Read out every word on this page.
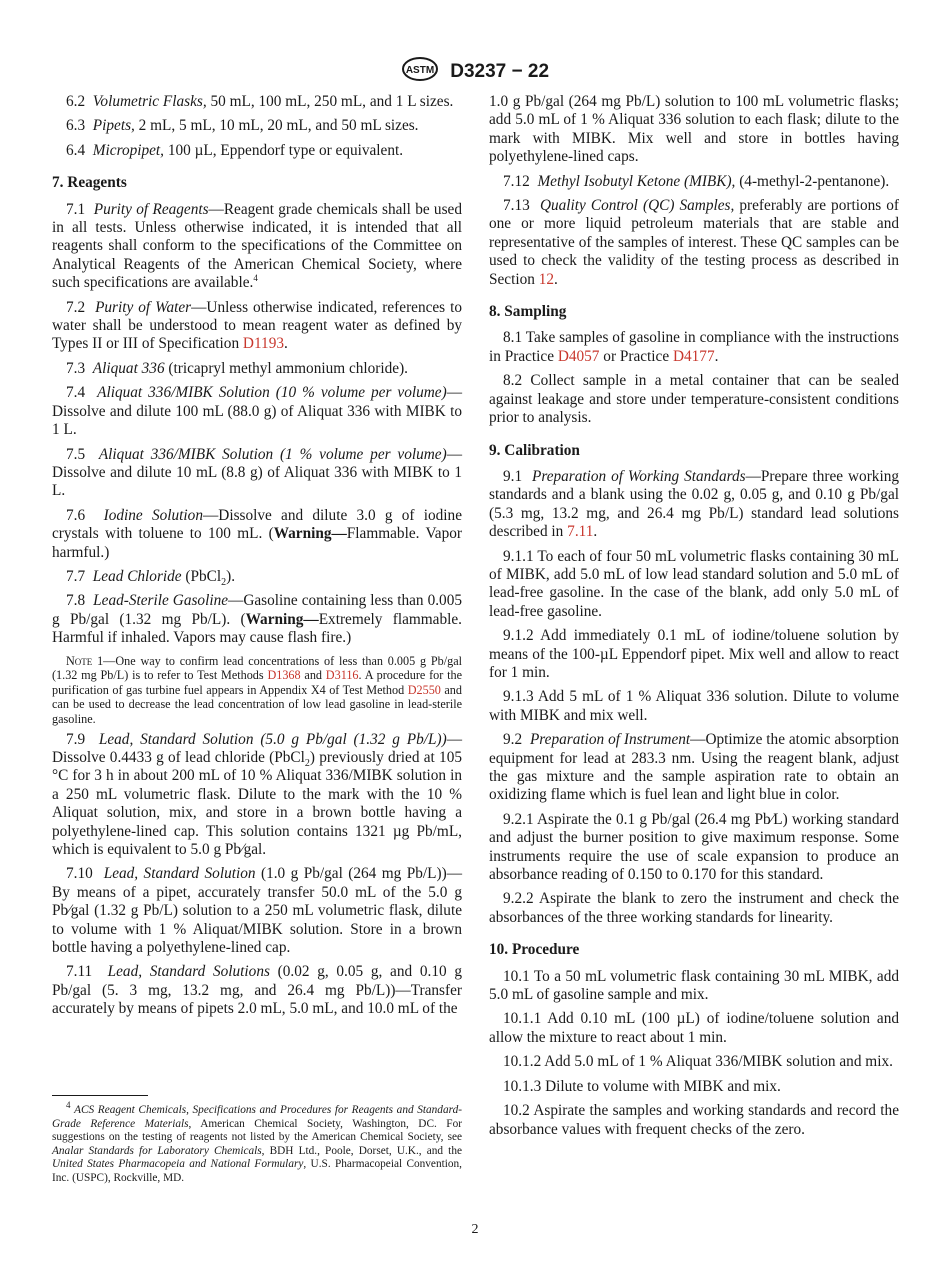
ASTM D3237 − 22

6.2 Volumetric Flasks, 50 mL, 100 mL, 250 mL, and 1 L sizes.

6.3 Pipets, 2 mL, 5 mL, 10 mL, 20 mL, and 50 mL sizes.

6.4 Micropipet, 100 µL, Eppendorf type or equivalent.

7. Reagents

7.1 Purity of Reagents—Reagent grade chemicals shall be used in all tests. Unless otherwise indicated, it is intended that all reagents shall conform to the specifications of the Committee on Analytical Reagents of the American Chemical Society, where such specifications are available.$^4$

7.2 Purity of Water—Unless otherwise indicated, references to water shall be understood to mean reagent water as defined by Types II or III of Specification D1193.

7.3 Aliquat 336 (tricapryl methyl ammonium chloride).

7.4 Aliquat 336/MIBK Solution (10 % volume per volume)—Dissolve and dilute 100 mL (88.0 g) of Aliquat 336 with MIBK to 1 L.

7.5 Aliquat 336/MIBK Solution (1 % volume per volume)—Dissolve and dilute 10 mL (8.8 g) of Aliquat 336 with MIBK to 1 L.

7.6 Iodine Solution—Dissolve and dilute 3.0 g of iodine crystals with toluene to 100 mL. (Warning—Flammable. Vapor harmful.)

7.7 Lead Chloride (PbCl$_2$).

7.8 Lead-Sterile Gasoline—Gasoline containing less than 0.005 g Pb/gal (1.32 mg Pb/L). (Warning—Extremely flammable. Harmful if inhaled. Vapors may cause flash fire.)

Note 1—One way to confirm lead concentrations of less than 0.005 g Pb/gal (1.32 mg Pb/L) is to refer to Test Methods D1368 and D3116. A procedure for the purification of gas turbine fuel appears in Appendix X4 of Test Method D2550 and can be used to decrease the lead concentration of low lead gasoline in lead-sterile gasoline.

7.9 Lead, Standard Solution (5.0 g Pb/gal (1.32 g Pb/L))—Dissolve 0.4433 g of lead chloride (PbCl$_2$) previously dried at 105 °C for 3 h in about 200 mL of 10 % Aliquat 336/MIBK solution in a 250 mL volumetric flask. Dilute to the mark with the 10 % Aliquat solution, mix, and store in a brown bottle having a polyethylene-lined cap. This solution contains 1321 µg Pb/mL, which is equivalent to 5.0 g Pb⁄gal.

7.10 Lead, Standard Solution (1.0 g Pb/gal (264 mg Pb/L))—By means of a pipet, accurately transfer 50.0 mL of the 5.0 g Pb⁄gal (1.32 g Pb/L) solution to a 250 mL volumetric flask, dilute to volume with 1 % Aliquat/MIBK solution. Store in a brown bottle having a polyethylene-lined cap.

7.11 Lead, Standard Solutions (0.02 g, 0.05 g, and 0.10 g Pb/gal (5. 3 mg, 13.2 mg, and 26.4 mg Pb/L))—Transfer accurately by means of pipets 2.0 mL, 5.0 mL, and 10.0 mL of the

$^4$ ACS Reagent Chemicals, Specifications and Procedures for Reagents and Standard-Grade Reference Materials, American Chemical Society, Washington, DC. For suggestions on the testing of reagents not listed by the American Chemical Society, see Analar Standards for Laboratory Chemicals, BDH Ltd., Poole, Dorset, U.K., and the United States Pharmacopeia and National Formulary, U.S. Pharmacopeial Convention, Inc. (USPC), Rockville, MD.

1.0 g Pb/gal (264 mg Pb/L) solution to 100 mL volumetric flasks; add 5.0 mL of 1 % Aliquat 336 solution to each flask; dilute to the mark with MIBK. Mix well and store in bottles having polyethylene-lined caps.

7.12 Methyl Isobutyl Ketone (MIBK), (4-methyl-2-pentanone).

7.13 Quality Control (QC) Samples, preferably are portions of one or more liquid petroleum materials that are stable and representative of the samples of interest. These QC samples can be used to check the validity of the testing process as described in Section 12.

8. Sampling

8.1 Take samples of gasoline in compliance with the instructions in Practice D4057 or Practice D4177.

8.2 Collect sample in a metal container that can be sealed against leakage and store under temperature-consistent conditions prior to analysis.

9. Calibration

9.1 Preparation of Working Standards—Prepare three working standards and a blank using the 0.02 g, 0.05 g, and 0.10 g Pb/gal (5.3 mg, 13.2 mg, and 26.4 mg Pb/L) standard lead solutions described in 7.11.

9.1.1 To each of four 50 mL volumetric flasks containing 30 mL of MIBK, add 5.0 mL of low lead standard solution and 5.0 mL of lead-free gasoline. In the case of the blank, add only 5.0 mL of lead-free gasoline.

9.1.2 Add immediately 0.1 mL of iodine/toluene solution by means of the 100-µL Eppendorf pipet. Mix well and allow to react for 1 min.

9.1.3 Add 5 mL of 1 % Aliquat 336 solution. Dilute to volume with MIBK and mix well.

9.2 Preparation of Instrument—Optimize the atomic absorption equipment for lead at 283.3 nm. Using the reagent blank, adjust the gas mixture and the sample aspiration rate to obtain an oxidizing flame which is fuel lean and light blue in color.

9.2.1 Aspirate the 0.1 g Pb/gal (26.4 mg Pb⁄L) working standard and adjust the burner position to give maximum response. Some instruments require the use of scale expansion to produce an absorbance reading of 0.150 to 0.170 for this standard.

9.2.2 Aspirate the blank to zero the instrument and check the absorbances of the three working standards for linearity.

10. Procedure

10.1 To a 50 mL volumetric flask containing 30 mL MIBK, add 5.0 mL of gasoline sample and mix.

10.1.1 Add 0.10 mL (100 µL) of iodine/toluene solution and allow the mixture to react about 1 min.

10.1.2 Add 5.0 mL of 1 % Aliquat 336/MIBK solution and mix.

10.1.3 Dilute to volume with MIBK and mix.

10.2 Aspirate the samples and working standards and record the absorbance values with frequent checks of the zero.

2
